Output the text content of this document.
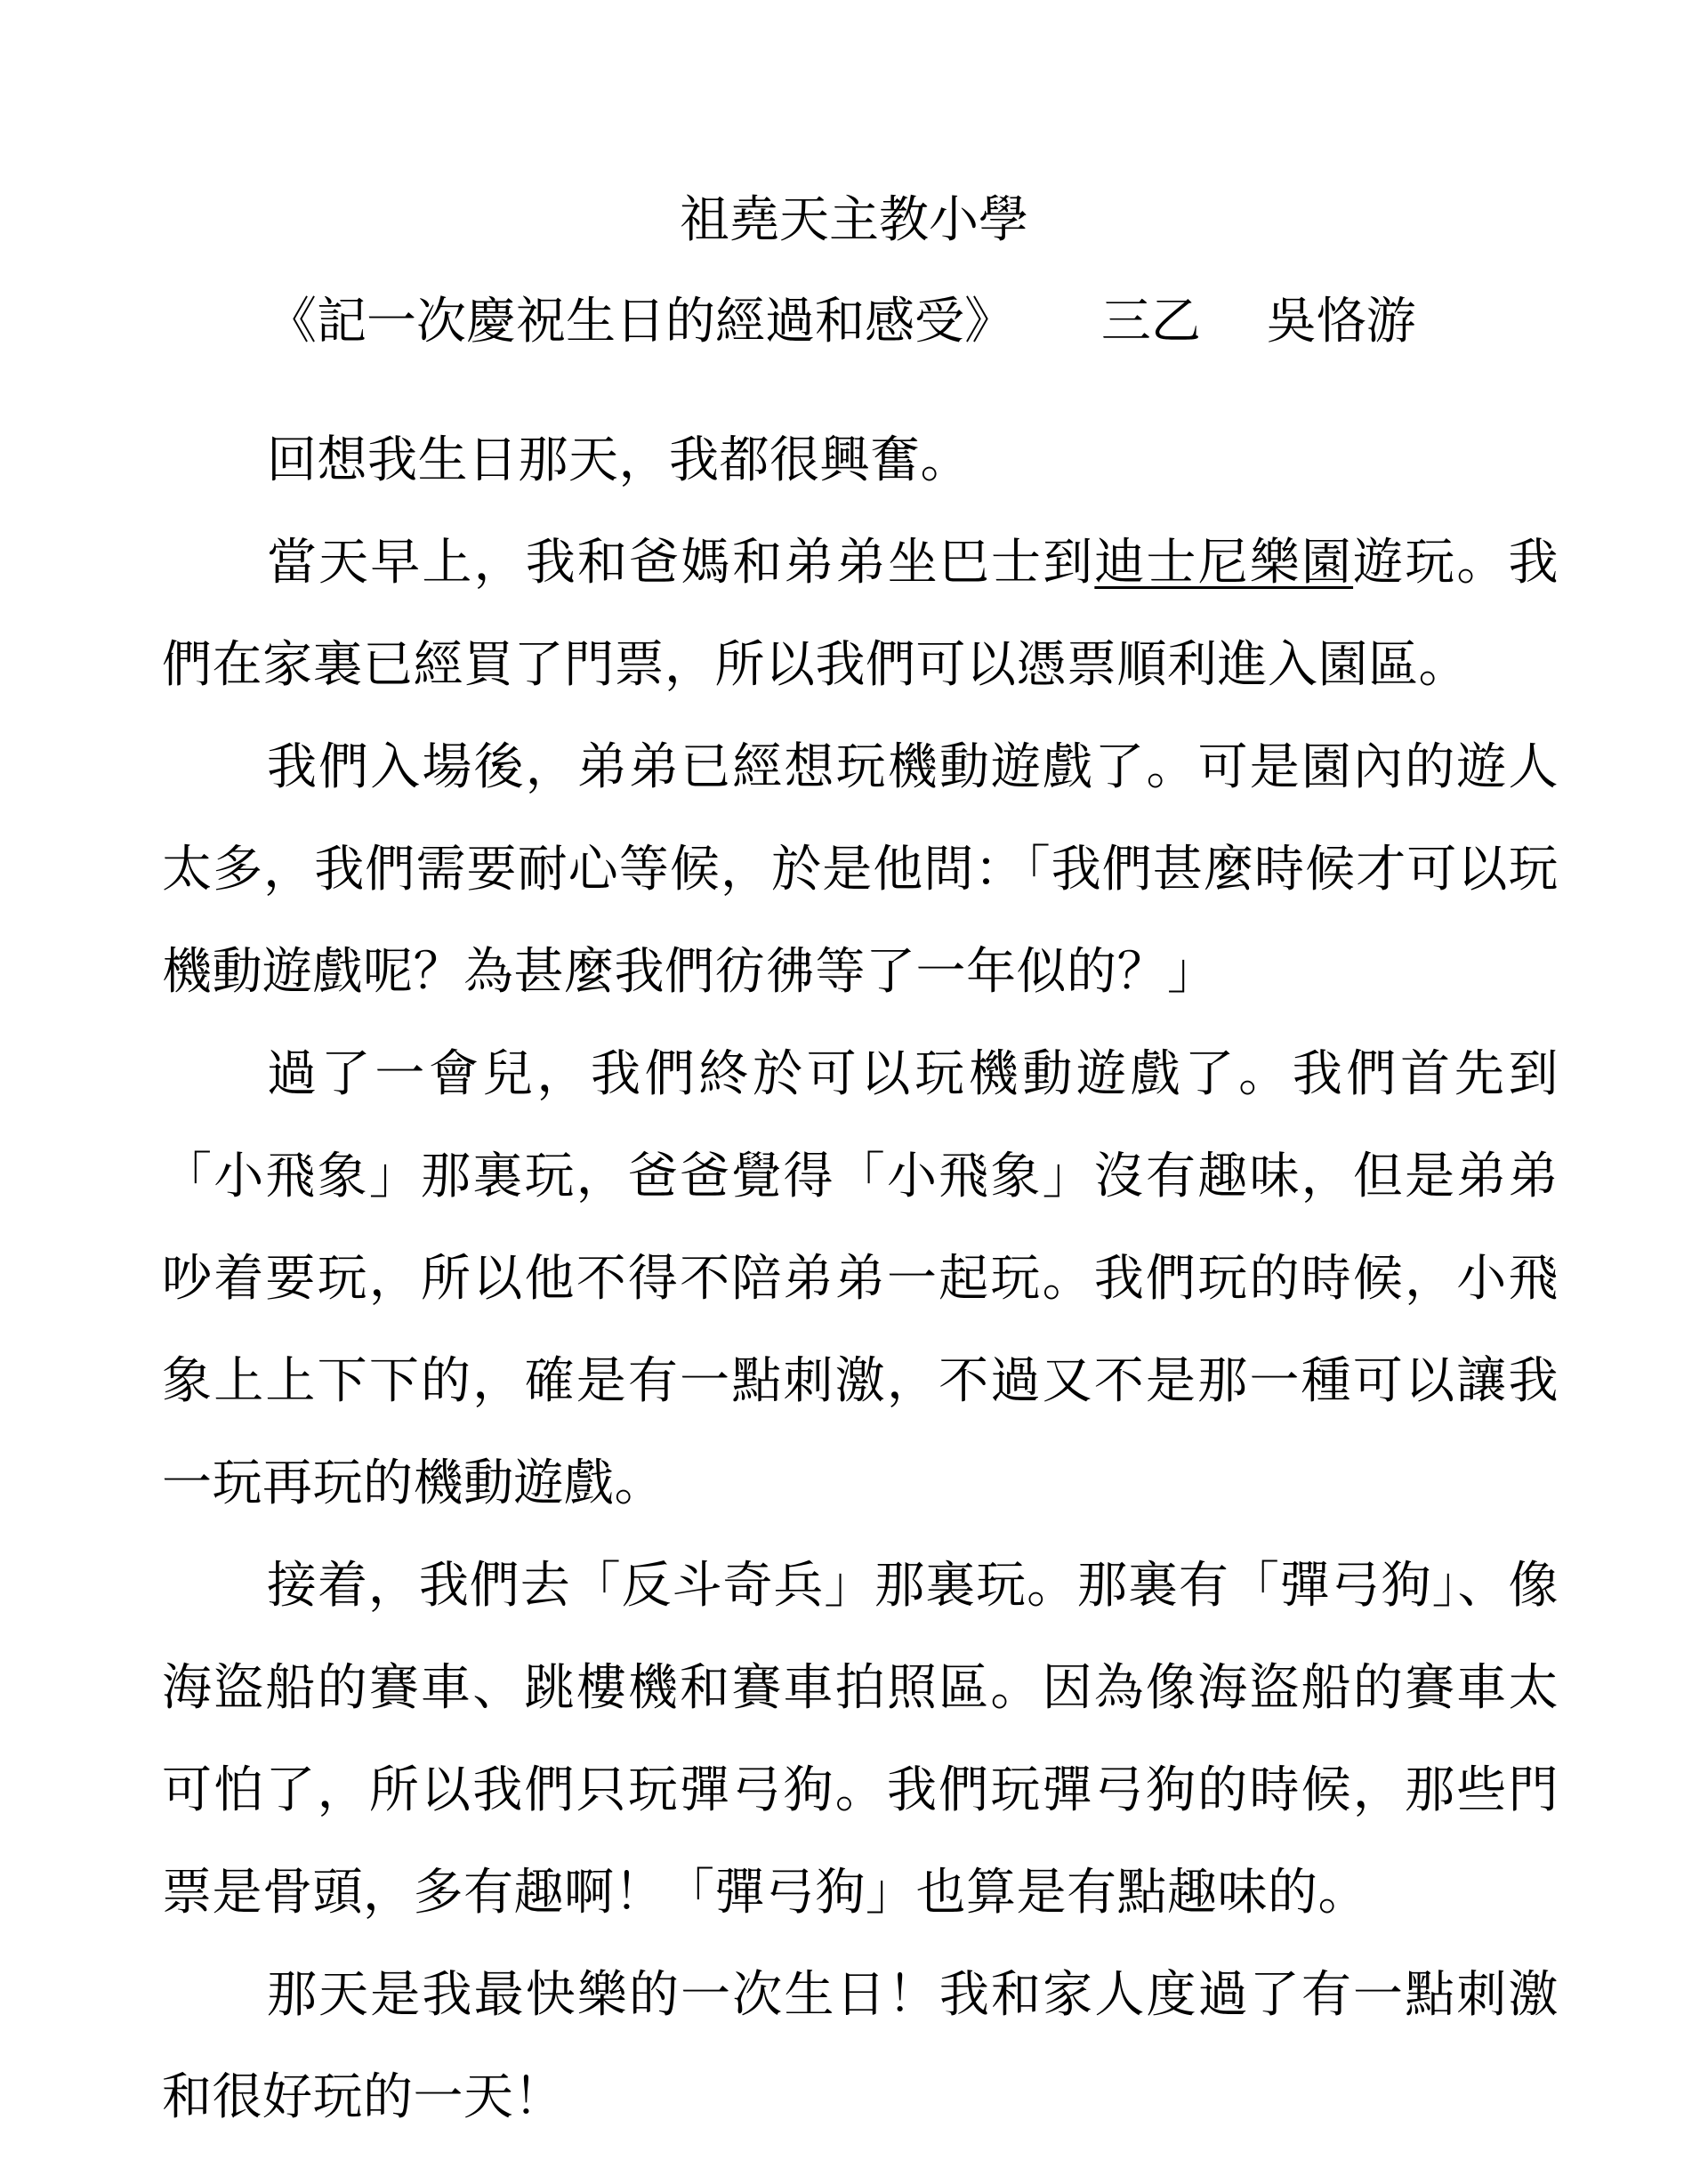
祖堯天主教小學
《記一次慶祝生日的經過和感受》 三乙 吳恪游

回想我生日那天，我都很興奮。

當天早上，我和爸媽和弟弟坐巴士到迪士尼樂園遊玩。我們在家裏已經買了門票，所以我們可以憑票順利進入園區。

我們入場後，弟弟已經想玩機動遊戲了。可是園內的遊人太多，我們需要耐心等候，於是他問：「我們甚麼時候才可以玩機動遊戲呢？為甚麼我們彷彿等了一年似的？」

過了一會兒，我們終於可以玩機動遊戲了。我們首先到「小飛象」那裏玩，爸爸覺得「小飛象」沒有趣味，但是弟弟吵着要玩，所以他不得不陪弟弟一起玩。我們玩的時候，小飛象上上下下的，確是有一點刺激，不過又不是那一種可以讓我一玩再玩的機動遊戲。

接着，我們去「反斗奇兵」那裏玩。那裏有「彈弓狗」、像海盜船的賽車、跳樓機和賽車拍照區。因為像海盜船的賽車太可怕了，所以我們只玩彈弓狗。我們玩彈弓狗的時候，那些門票是骨頭，多有趣啊！「彈弓狗」也算是有點趣味的。

那天是我最快樂的一次生日！我和家人度過了有一點刺激和很好玩的一天！
